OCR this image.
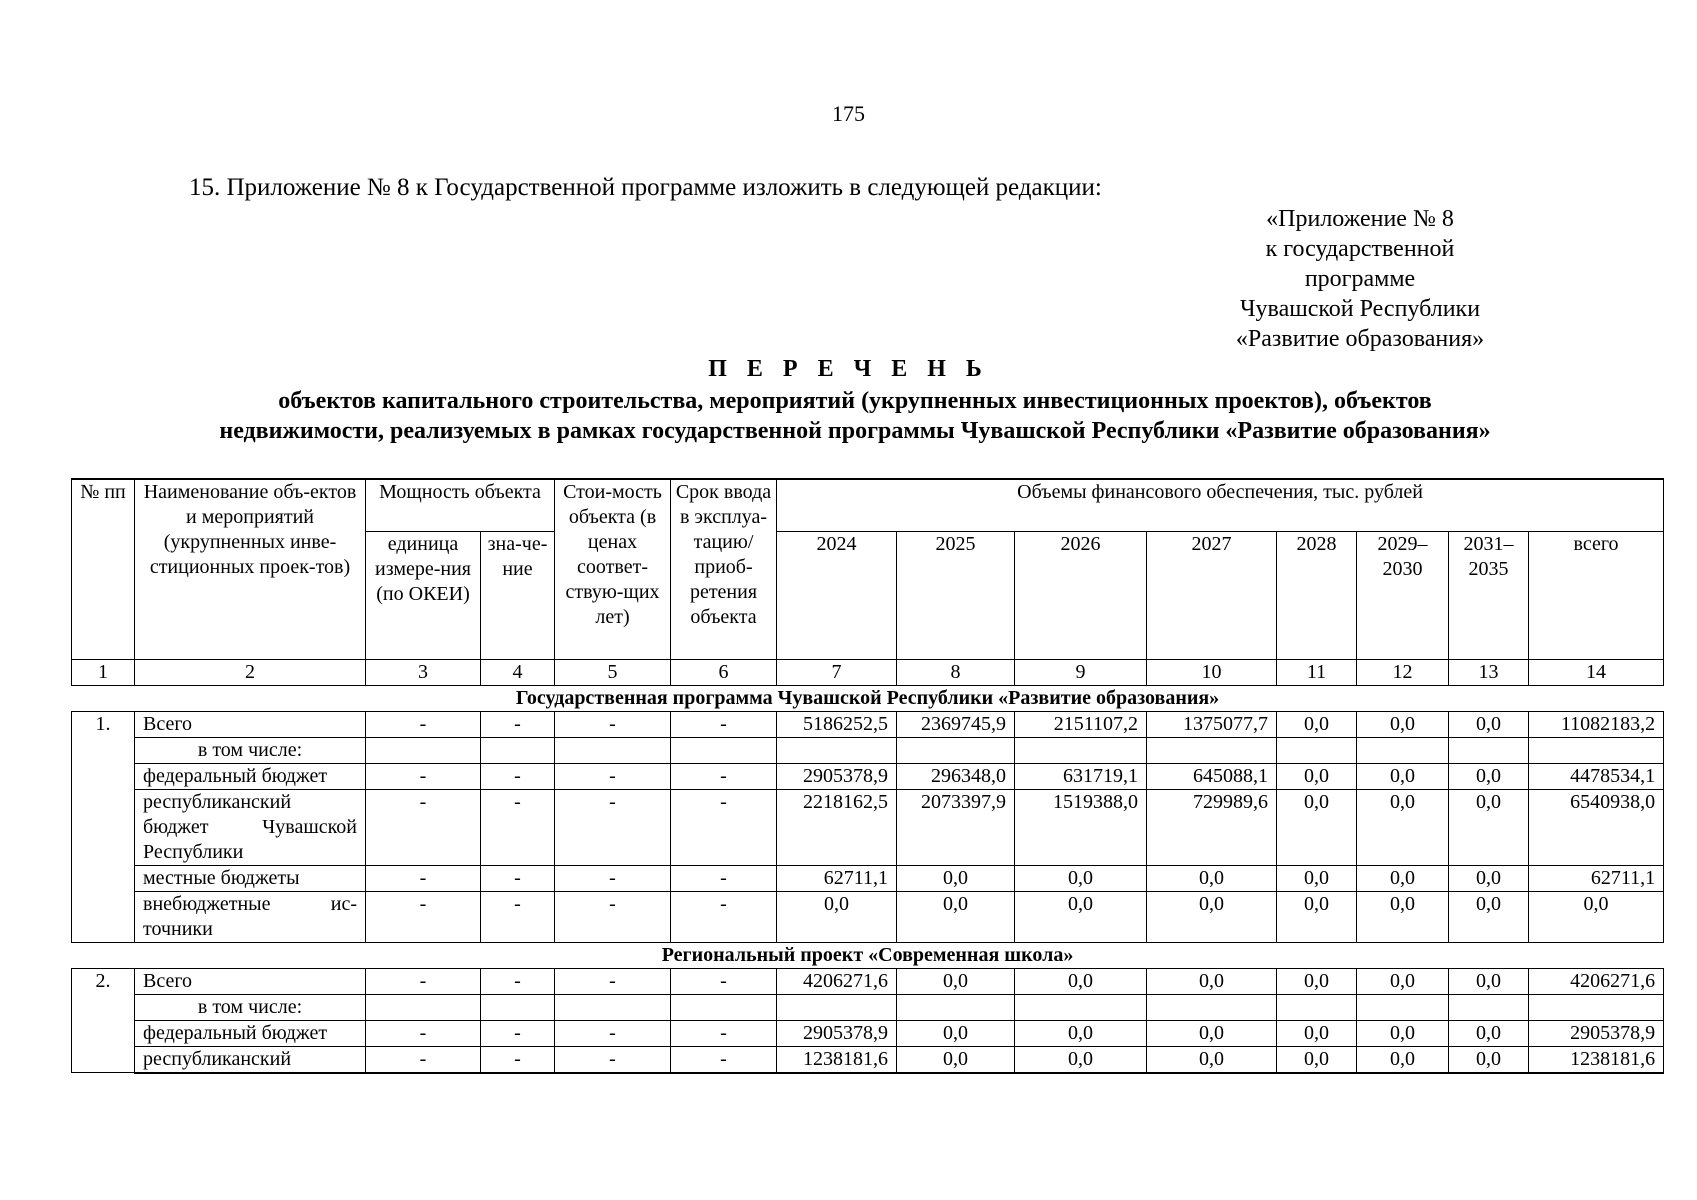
175
15. Приложение № 8 к Государственной программе изложить в следующей редакции:
«Приложение № 8
к государственной программе
Чувашской Республики
«Развитие образования»
П Е Р Е Ч Е Н Ь
объектов капитального строительства, мероприятий (укрупненных инвестиционных проектов), объектов
недвижимости, реализуемых в рамках государственной программы Чувашской Республики «Развитие образования»
№ пп	Наименование объ-ектов и мероприятий (укрупненных инве-стиционных проек-тов)	Мощность объекта		Стои-мость объекта (в ценах соответ-ствую-щих лет)	Срок ввода в эксплуа-тацию/ приоб-ретения объекта	Объемы финансового обеспечения, тыс. рублей							
		единица измере-ния (по ОКЕИ)	зна-че-ние			2024	2025	2026	2027	2028	2029–2030	2031–2035	всего
1	2	3	4	5	6	7	8	9	10	11	12	13	14
Государственная программа Чувашской Республики «Развитие образования»													
1.	Всего	-	-	-	-	5186252,5	2369745,9	2151107,2	1375077,7	0,0	0,0	0,0	11082183,2
	в том числе:												
	федеральный бюджет	-	-	-	-	2905378,9	296348,0	631719,1	645088,1	0,0	0,0	0,0	4478534,1
	республиканский бюджет Чувашской Республики	-	-	-	-	2218162,5	2073397,9	1519388,0	729989,6	0,0	0,0	0,0	6540938,0
	местные бюджеты	-	-	-	-	62711,1	0,0	0,0	0,0	0,0	0,0	0,0	62711,1
	внебюджетные ис-точники	-	-	-	-	0,0	0,0	0,0	0,0	0,0	0,0	0,0	0,0
Региональный проект «Современная школа»													
2.	Всего	-	-	-	-	4206271,6	0,0	0,0	0,0	0,0	0,0	0,0	4206271,6
	в том числе:												
	федеральный бюджет	-	-	-	-	2905378,9	0,0	0,0	0,0	0,0	0,0	0,0	2905378,9
	республиканский	-	-	-	-	1238181,6	0,0	0,0	0,0	0,0	0,0	0,0	1238181,6
